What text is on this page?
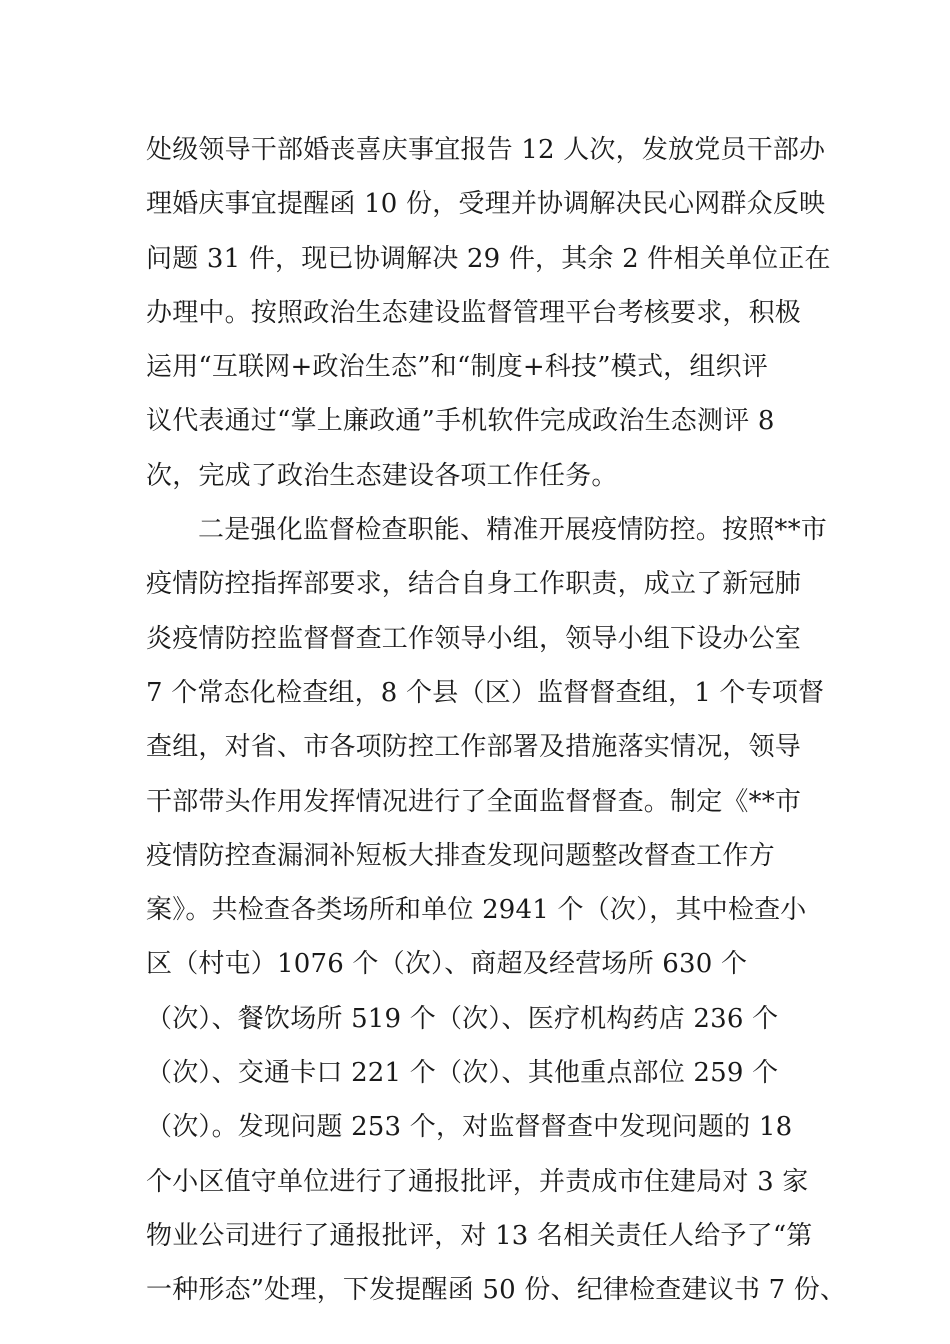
处级领导干部婚丧喜庆事宜报告 12 人次，发放党员干部办
理婚庆事宜提醒函 10 份，受理并协调解决民心网群众反映
问题 31 件，现已协调解决 29 件，其余 2 件相关单位正在
办理中。按照政治生态建设监督管理平台考核要求，积极
运用“互联网+政治生态”和“制度+科技”模式，组织评
议代表通过“掌上廉政通”手机软件完成政治生态测评 8
次，完成了政治生态建设各项工作任务。
二是强化监督检查职能、精准开展疫情防控。按照**市
疫情防控指挥部要求，结合自身工作职责，成立了新冠肺
炎疫情防控监督督查工作领导小组，领导小组下设办公室
7 个常态化检查组，8 个县（区）监督督查组，1 个专项督
查组，对省、市各项防控工作部署及措施落实情况，领导
干部带头作用发挥情况进行了全面监督督查。制定《**市
疫情防控查漏洞补短板大排查发现问题整改督查工作方
案》。共检查各类场所和单位 2941 个（次），其中检查小
区（村屯）1076 个（次）、商超及经营场所 630 个
（次）、餐饮场所 519 个（次）、医疗机构药店 236 个
（次）、交通卡口 221 个（次）、其他重点部位 259 个
（次）。发现问题 253 个，对监督督查中发现问题的 18
个小区值守单位进行了通报批评，并责成市住建局对 3 家
物业公司进行了通报批评，对 13 名相关责任人给予了“第
一种形态”处理，下发提醒函 50 份、纪律检查建议书 7 份、
